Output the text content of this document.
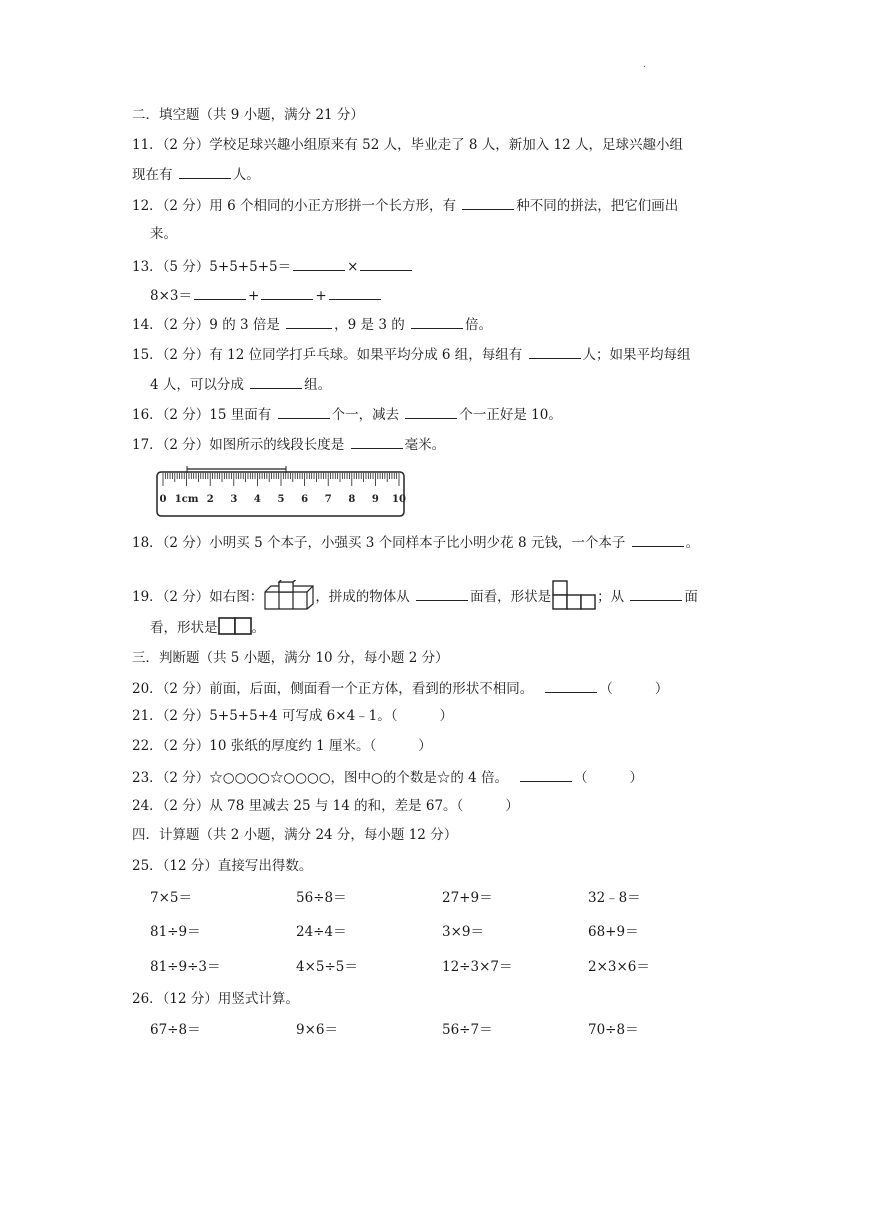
.
二．填空题（共 9 小题，满分 21 分）
11．（2 分）学校足球兴趣小组原来有 52 人，毕业走了 8 人，新加入 12 人，足球兴趣小组
现在有	人。
12．（2 分）用 6 个相同的小正方形拼一个长方形，有	种不同的拼法，把它们画出
来。
13．（5 分）5+5+5+5＝	×
8×3＝	+	+
14．（2 分）9 的 3 倍是	，9 是 3 的	倍。
15．（2 分）有 12 位同学打乒乓球。如果平均分成 6 组，每组有	人；如果平均每组
4 人，可以分成	组。
16．（2 分）15 里面有	个一，减去	个一正好是 10。
17．（2 分）如图所示的线段长度是	毫米。
0 1cm 2 3 4 5 6 7 8 9 10
18．（2 分）小明买 5 个本子，小强买 3 个同样本子比小明少花 8 元钱，一个本子	。
19．（2 分）如右图：	，拼成的物体从	面看，形状是	；从	面
看，形状是	。
三．判断题（共 5 小题，满分 10 分，每小题 2 分）
20．（2 分）前面，后面，侧面看一个正方体，看到的形状不相同。	（	）
21．（2 分）5+5+5+4 可写成 6×4﹣1。（	）
22．（2 分）10 张纸的厚度约 1 厘米。（	）
23．（2 分）☆○○○○☆○○○○，图中○的个数是☆的 4 倍。	（	）
24．（2 分）从 78 里减去 25 与 14 的和，差是 67。（	）
四．计算题（共 2 小题，满分 24 分，每小题 12 分）
25．（12 分）直接写出得数。
7×5＝	56÷8＝	27+9＝	32﹣8＝
81÷9＝	24÷4＝	3×9＝	68+9＝
81÷9÷3＝	4×5÷5＝	12÷3×7＝	2×3×6＝
26．（12 分）用竖式计算。
67÷8＝	9×6＝	56÷7＝	70÷8＝
